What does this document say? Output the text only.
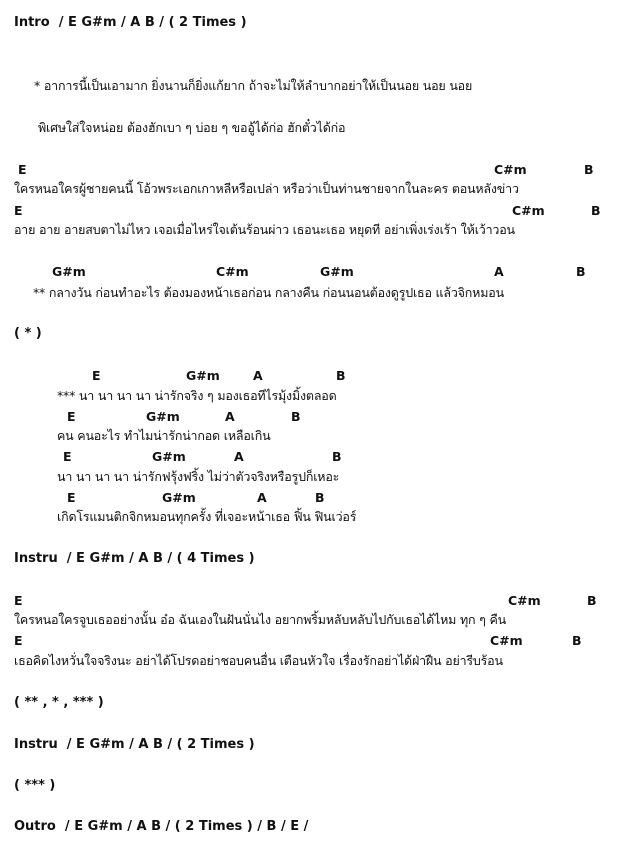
Intro  / E G#m / A B / ( 2 Times )
* อาการนี้เป็นเอามาก ยิ่งนานก็ยิ่งแก้ยาก ถ้าจะไม่ให้ลำบากอย่าให้เป็นนอย นอย นอย
พิเศษใส่ใจหน่อย ต้องฮักเบา ๆ บ่อย ๆ ขออู้ได้ก่อ ฮักตั๋วได้ก่อ
E	C#m	B
ใครหนอใครผู้ชายคนนี้ โอ้วพระเอกเกาหลีหรือเปล่า หรือว่าเป็นท่านชายจากในละคร ตอนหลังข่าว
E	C#m	B
อาย อาย อายสบตาไม่ไหว เจอเมื่อไหร่ใจเต้นร้อนผ่าว เธอนะเธอ หยุดที อย่าเพิ่งเร่งเร้า ให้เว้าวอน
G#m	C#m	G#m	A	B
** กลางวัน ก่อนทำอะไร ต้องมองหน้าเธอก่อน กลางคืน ก่อนนอนต้องดูรูปเธอ แล้วจิกหมอน
( * )
E	G#m	A	B
*** นา นา นา นา น่ารักจริง ๆ มองเธอทีไรมุ้งมิ้งตลอด
E	G#m	A	B
คน คนอะไร ทำไมน่ารักน่ากอด เหลือเกิน
E	G#m	A	B
นา นา นา นา น่ารักฟรุ้งฟริ้ง ไม่ว่าตัวจริงหรือรูปก็เหอะ
E	G#m	A	B
เกิดโรแมนติกจิกหมอนทุกครั้ง ที่เจอะหน้าเธอ ฟิ้น ฟินเว่อร์
Instru  / E G#m / A B / ( 4 Times )
E	C#m	B
ใครหนอใครจูบเธออย่างนั้น อ๋อ ฉันเองในฝันนั่นไง อยากพริ้มหลับหลับไปกับเธอได้ไหม ทุก ๆ คืน
E	C#m	B
เธอคิดไงหวั่นใจจริงนะ อย่าได้โปรดอย่าชอบคนอื่น เตือนหัวใจ เรื่องรักอย่าได้ฝ่าฝืน อย่ารีบร้อน
( ** , * , *** )
Instru  / E G#m / A B / ( 2 Times )
( *** )
Outro  / E G#m / A B / ( 2 Times ) / B / E /
